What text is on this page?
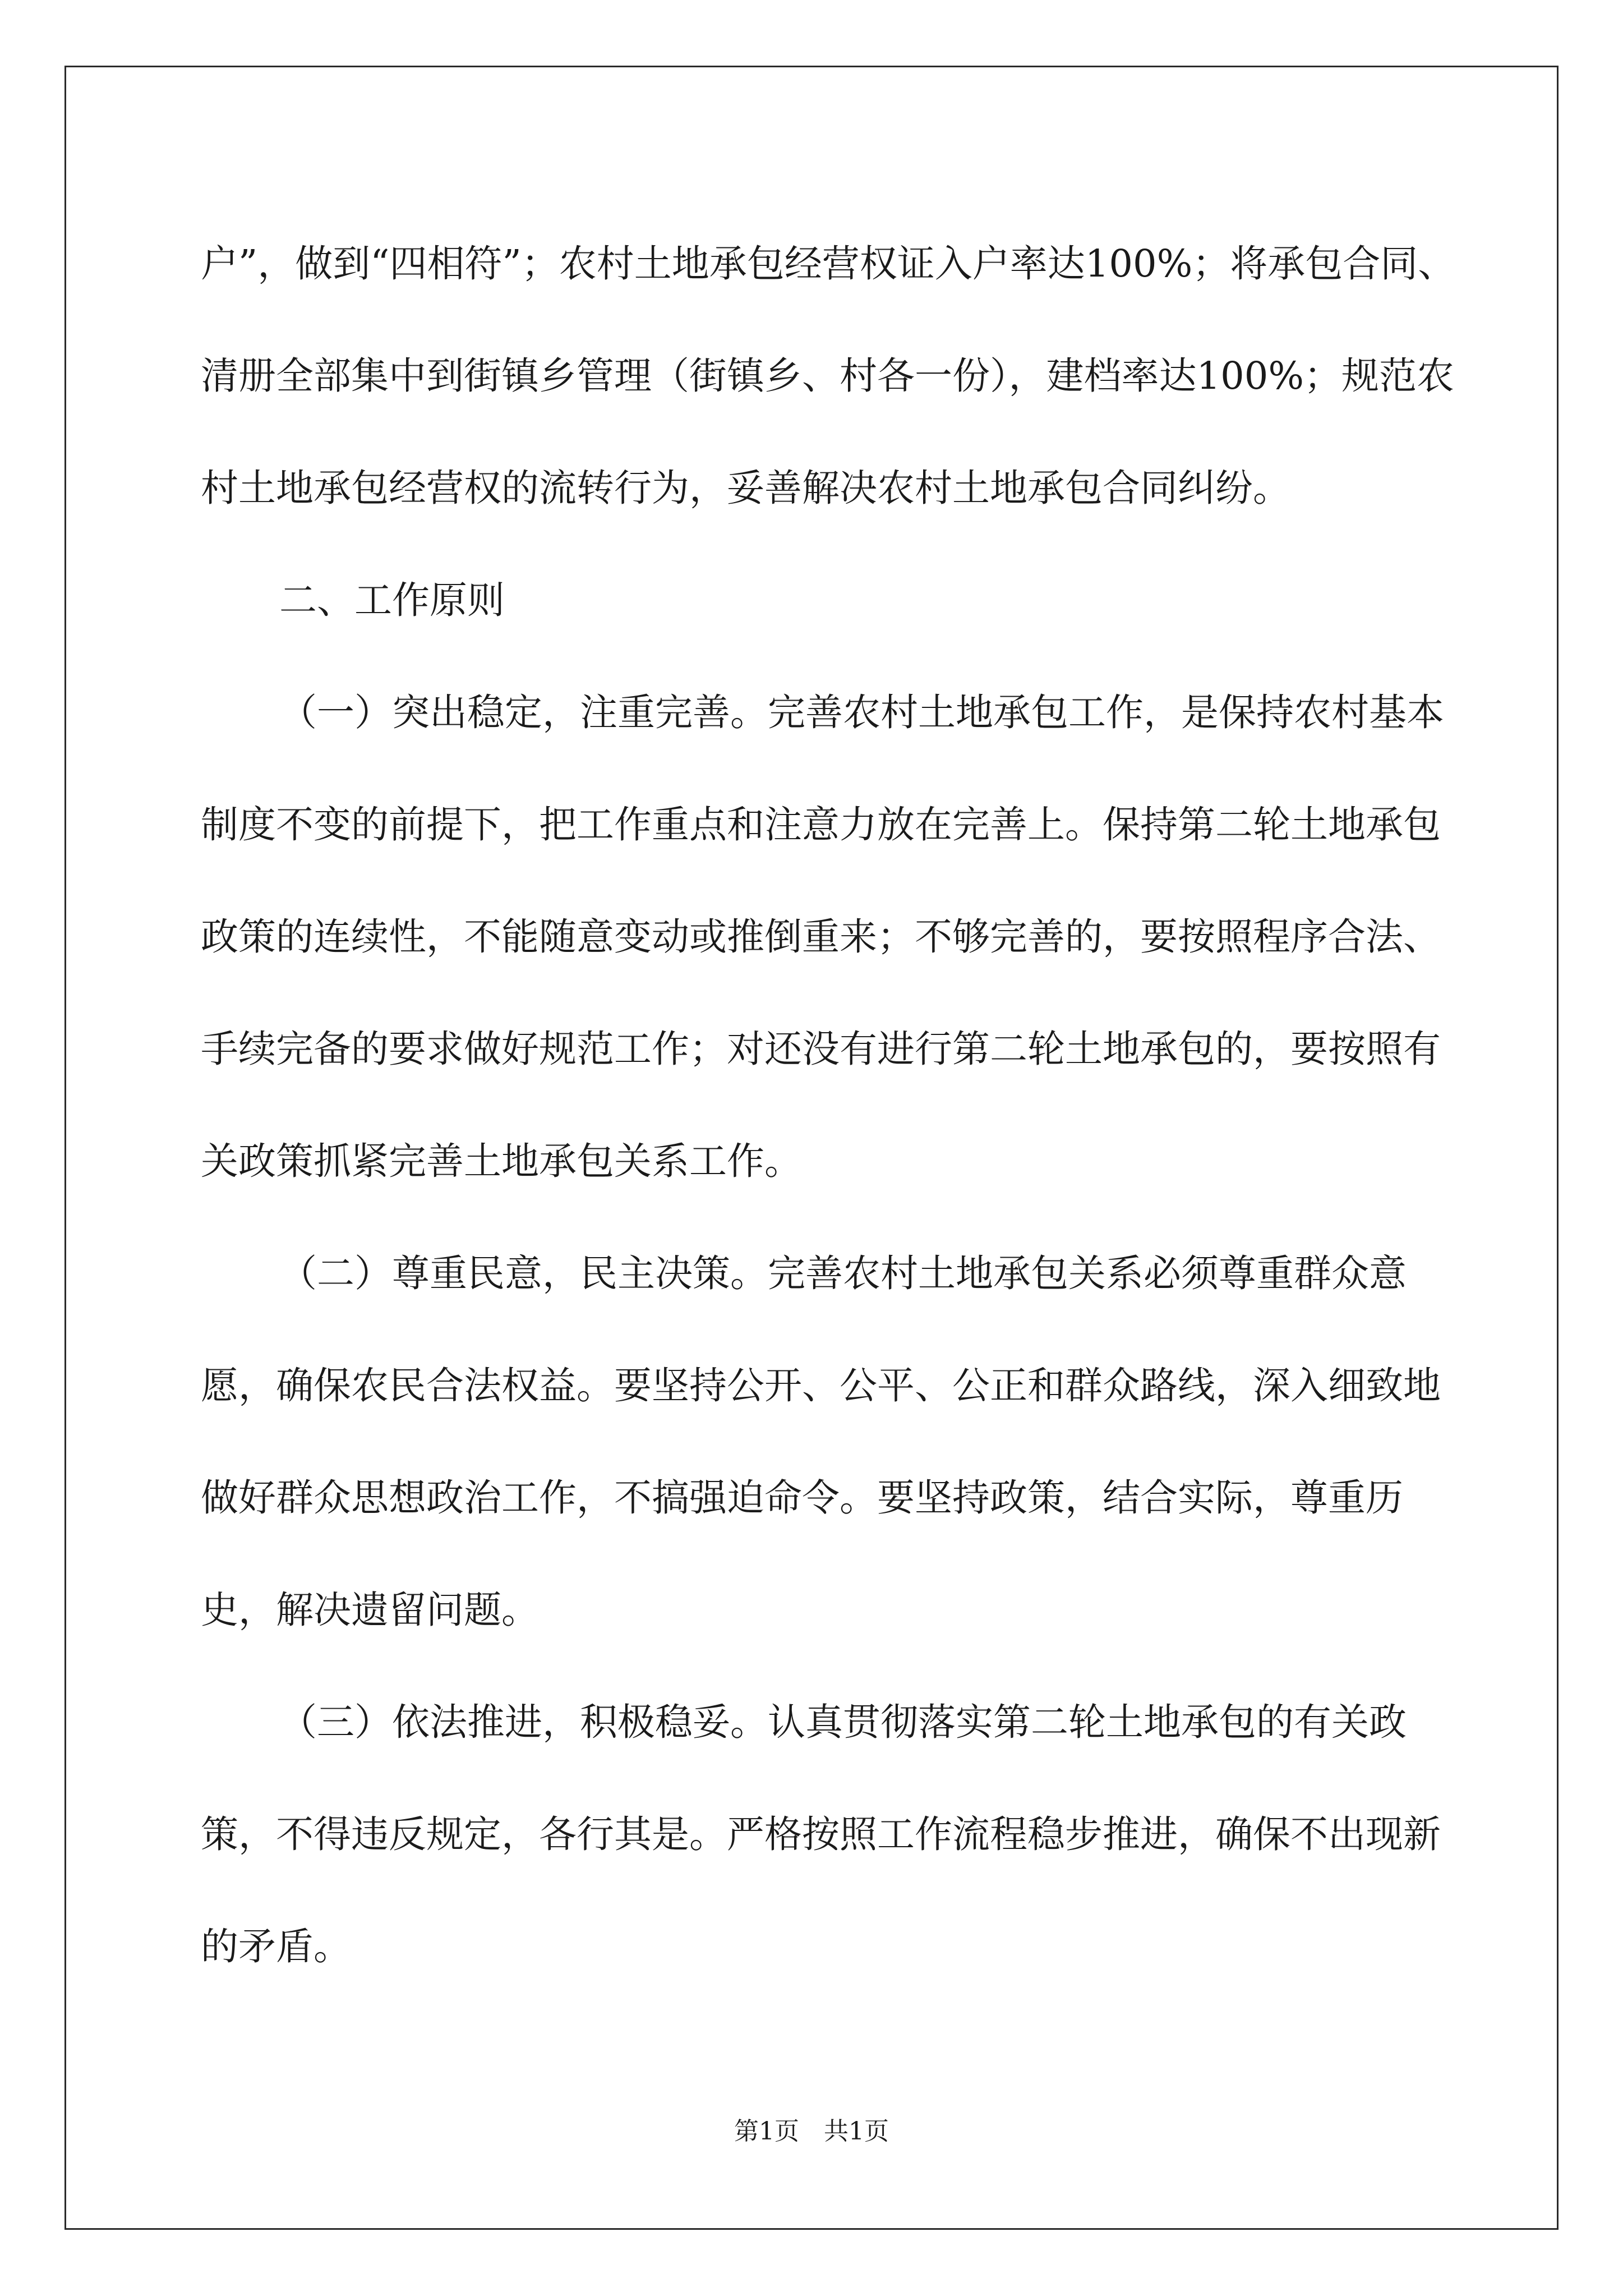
户”，做到“四相符”；农村土地承包经营权证入户率达100%；将承包合同、清册全部集中到街镇乡管理（街镇乡、村各一份），建档率达100%；规范农村土地承包经营权的流转行为，妥善解决农村土地承包合同纠纷。

二、工作原则

（一）突出稳定，注重完善。完善农村土地承包工作，是保持农村基本制度不变的前提下，把工作重点和注意力放在完善上。保持第二轮土地承包政策的连续性，不能随意变动或推倒重来；不够完善的，要按照程序合法、手续完备的要求做好规范工作；对还没有进行第二轮土地承包的，要按照有关政策抓紧完善土地承包关系工作。

（二）尊重民意，民主决策。完善农村土地承包关系必须尊重群众意愿，确保农民合法权益。要坚持公开、公平、公正和群众路线，深入细致地做好群众思想政治工作，不搞强迫命令。要坚持政策，结合实际，尊重历史，解决遗留问题。

（三）依法推进，积极稳妥。认真贯彻落实第二轮土地承包的有关政策，不得违反规定，各行其是。严格按照工作流程稳步推进，确保不出现新的矛盾。

第1页　共1页
